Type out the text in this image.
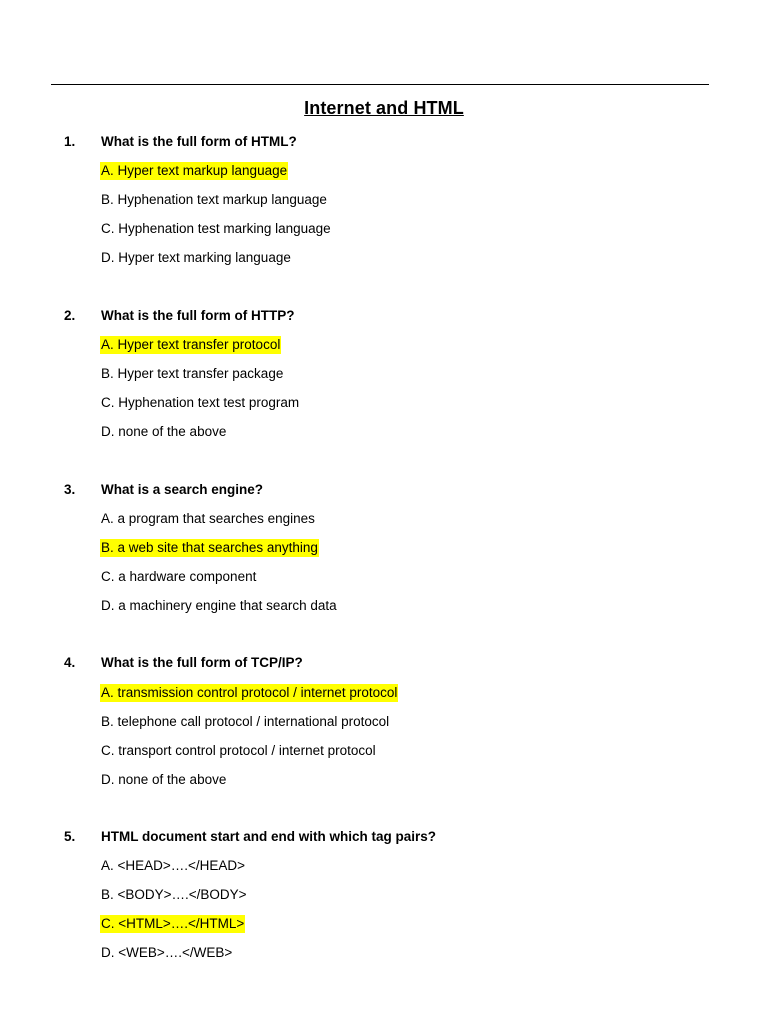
Internet and HTML
1. What is the full form of HTML?
A. Hyper text markup language
B. Hyphenation text markup language
C. Hyphenation test marking language
D. Hyper text marking language
2. What is the full form of HTTP?
A. Hyper text transfer protocol
B. Hyper text transfer package
C. Hyphenation text test program
D. none of the above
3. What is a search engine?
A. a program that searches engines
B. a web site that searches anything
C. a hardware component
D. a machinery engine that search data
4. What is the full form of TCP/IP?
A. transmission control protocol / internet protocol
B. telephone call protocol / international protocol
C. transport control protocol / internet protocol
D. none of the above
5. HTML document start and end with which tag pairs?
A. <HEAD>….</HEAD>
B. <BODY>….</BODY>
C. <HTML>….</HTML>
D. <WEB>….</WEB>
